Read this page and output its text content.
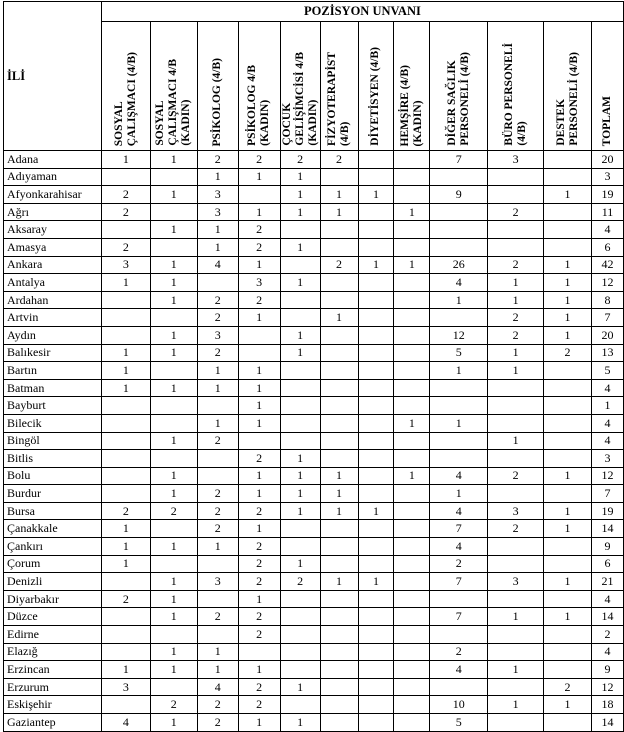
İLİ	POZİSYON UNVANI											

	SOSYAL ÇALIŞMACI (4/B)	SOSYAL ÇALIŞMACI 4/B (KADIN)	PSİKOLOG (4/B)	PSİKOLOG 4/B (KADIN)	ÇOCUK GELİŞİMCİSİ 4/B (KADIN)	FİZYOTERAPİST (4/B)	DİYETİSYEN (4/B)	HEMŞİRE (4/B) (KADIN)	DİĞER SAĞLIK PERSONELİ (4/B)	BÜRO PERSONELİ (4/B)	DESTEK PERSONELİ (4/B)	TOPLAM

Adana	1	1	2	2	2	2			7	3		20
Adıyaman			1	1	1							3
Afyonkarahisar	2	1	3		1	1	1		9		1	19
Ağrı	2		3	1	1	1		1		2		11
Aksaray		1	1	2								4
Amasya	2		1	2	1							6
Ankara	3	1	4	1		2	1	1	26	2	1	42
Antalya	1	1		3	1				4	1	1	12
Ardahan		1	2	2					1	1	1	8
Artvin			2	1		1				2	1	7
Aydın		1	3		1				12	2	1	20
Balıkesir	1	1	2		1				5	1	2	13
Bartın	1		1	1					1	1		5
Batman	1	1	1	1								4
Bayburt				1								1
Bilecik			1	1				1	1			4
Bingöl		1	2							1		4
Bitlis				2	1							3
Bolu		1		1	1	1		1	4	2	1	12
Burdur		1	2	1	1	1			1			7
Bursa	2	2	2	2	1	1	1		4	3	1	19
Çanakkale	1		2	1					7	2	1	14
Çankırı	1	1	1	2					4			9
Çorum	1			2	1				2			6
Denizli		1	3	2	2	1	1		7	3	1	21
Diyarbakır	2	1		1								4
Düzce		1	2	2					7	1	1	14
Edirne				2								2
Elazığ		1	1						2			4
Erzincan	1	1	1	1					4	1		9
Erzurum	3		4	2	1						2	12
Eskişehir		2	2	2					10	1	1	18
Gaziantep	4	1	2	1	1				5			14
